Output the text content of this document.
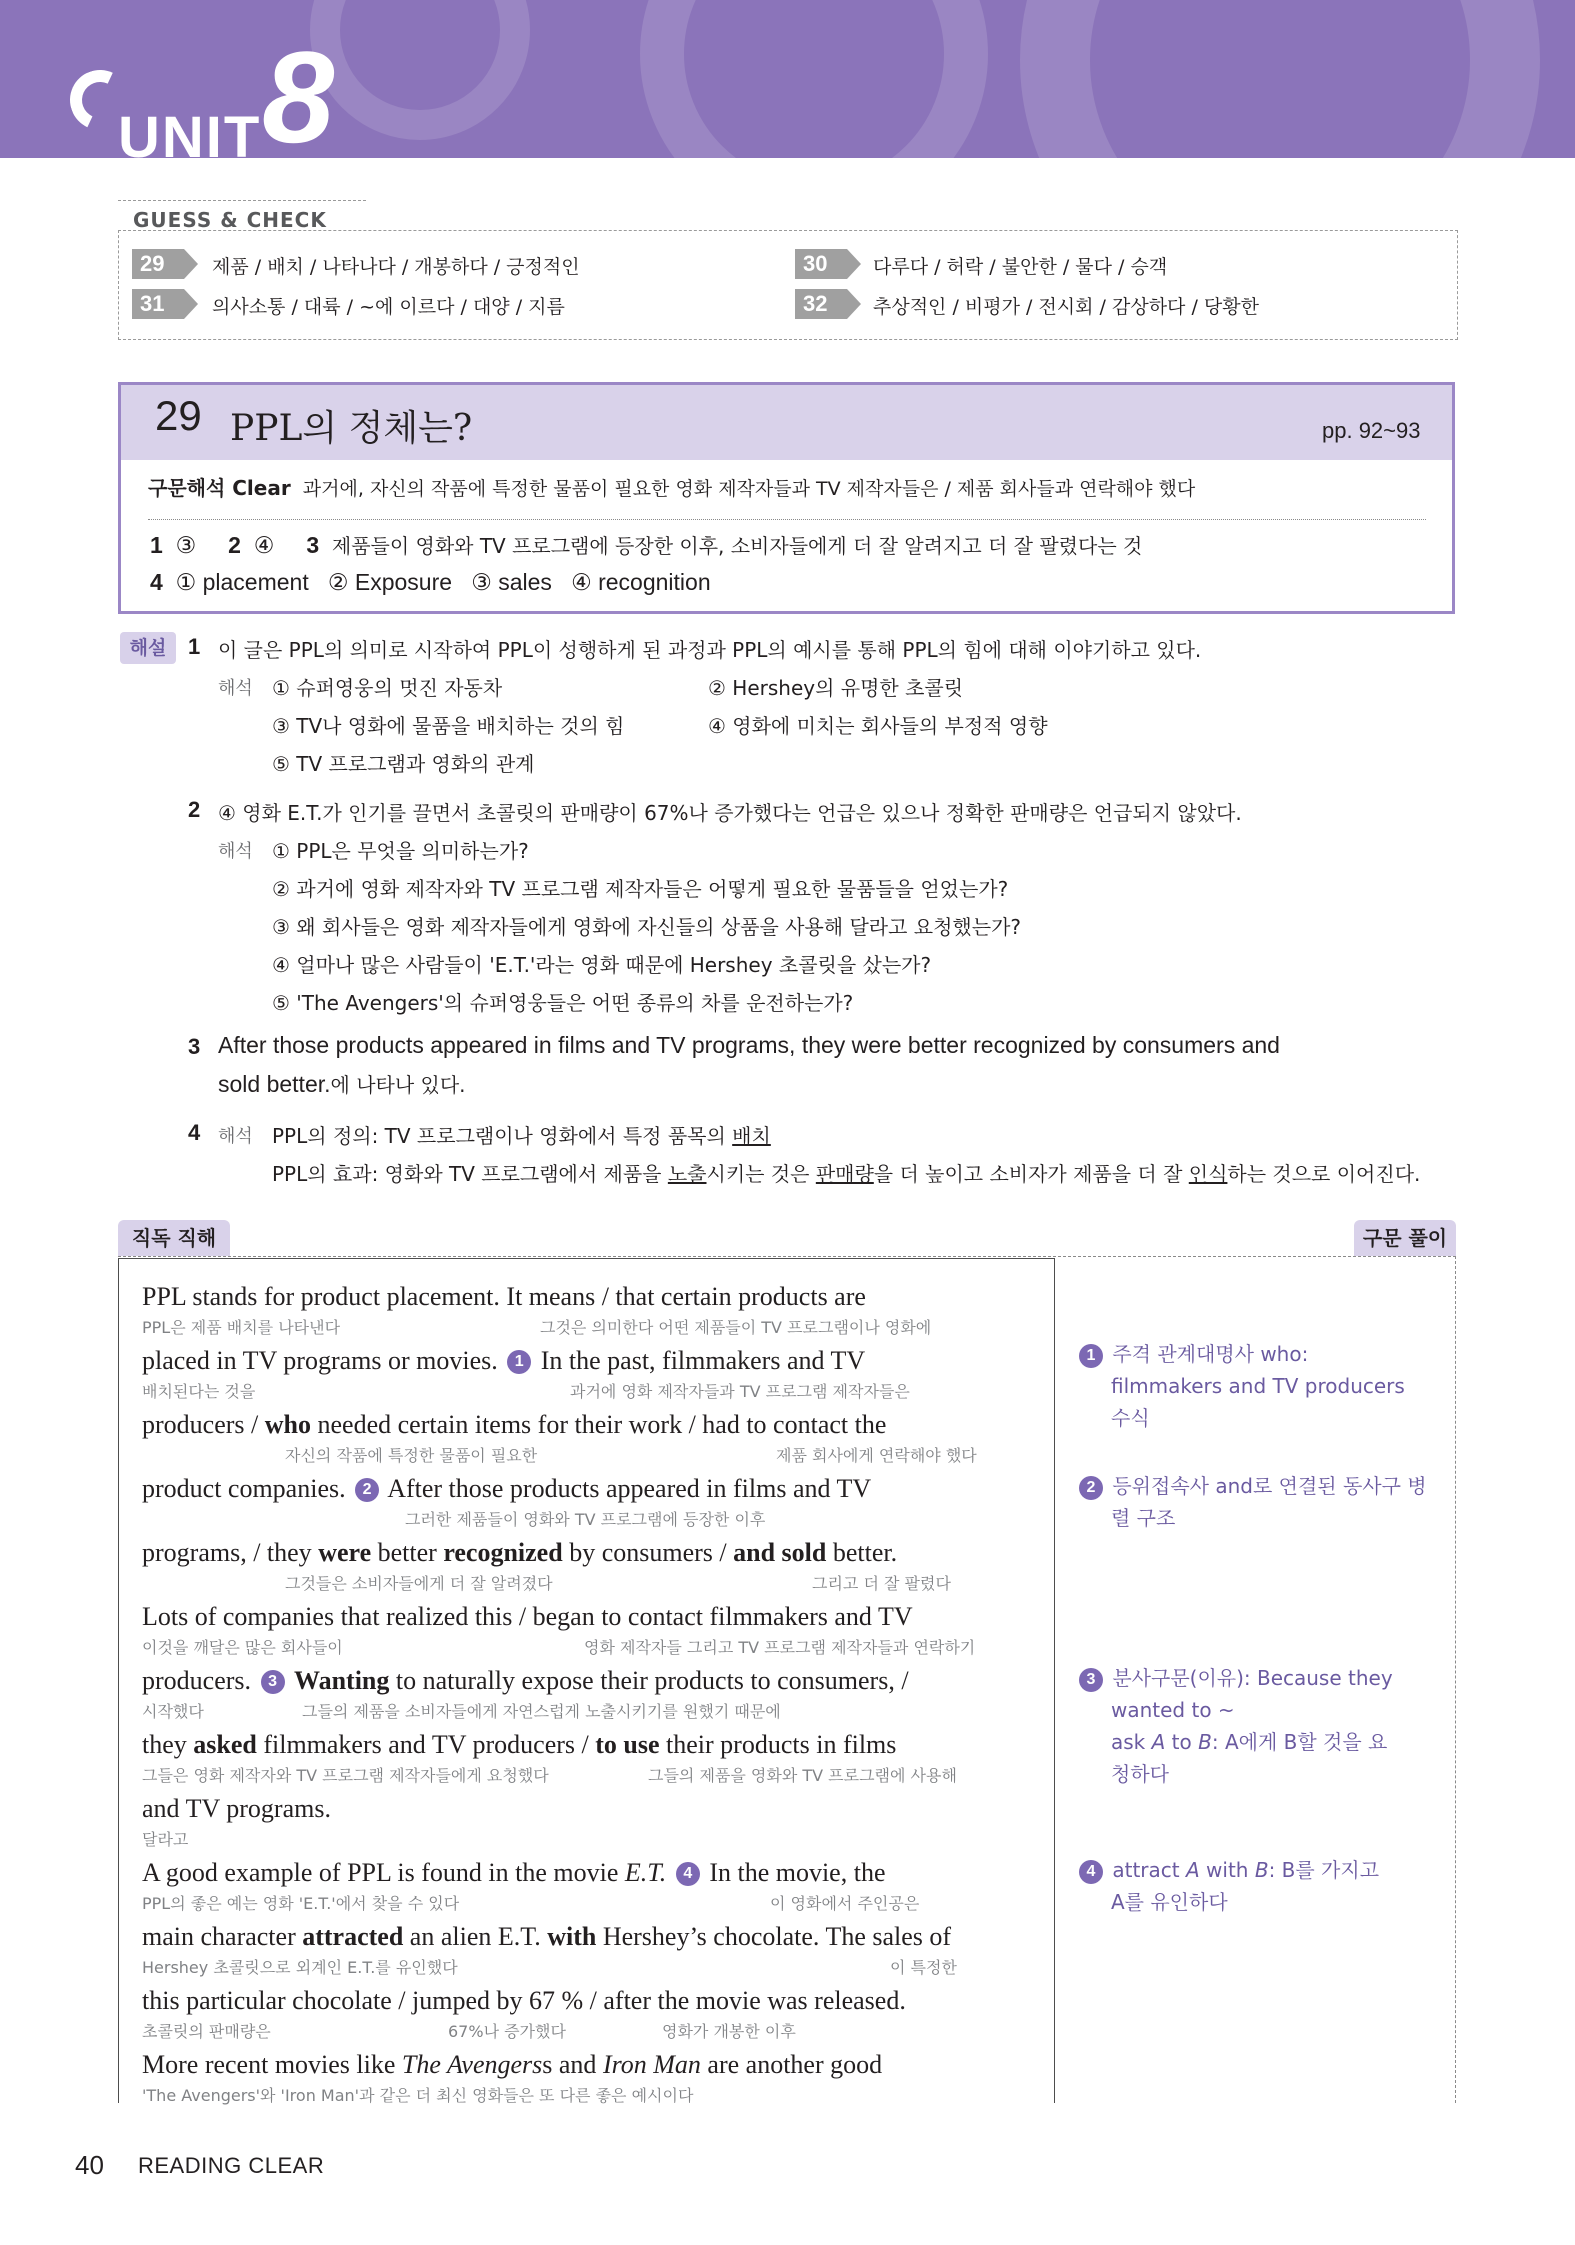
UNIT 8
GUESS & CHECK
29	제품 / 배치 / 나타나다 / 개봉하다 / 긍정적인	30	다루다 / 허락 / 불안한 / 물다 / 승객
31	의사소통 / 대륙 / ~에 이르다 / 대양 / 지름	32	추상적인 / 비평가 / 전시회 / 감상하다 / 당황한
29 PPL의 정체는?	pp. 92~93
구문해석 Clear 과거에, 자신의 작품에 특정한 물품이 필요한 영화 제작자들과 TV 제작자들은 / 제품 회사들과 연락해야 했다
1 ③ 2 ④ 3 제품들이 영화와 TV 프로그램에 등장한 이후, 소비자들에게 더 잘 알려지고 더 잘 팔렸다는 것
4 ① placement   ② Exposure   ③ sales   ④ recognition
해설 1 이 글은 PPL의 의미로 시작하여 PPL이 성행하게 된 과정과 PPL의 예시를 통해 PPL의 힘에 대해 이야기하고 있다.
해석 ① 슈퍼영웅의 멋진 자동차	② Hershey의 유명한 초콜릿
③ TV나 영화에 물품을 배치하는 것의 힘	④ 영화에 미치는 회사들의 부정적 영향
⑤ TV 프로그램과 영화의 관계
2 ④ 영화 E.T.가 인기를 끌면서 초콜릿의 판매량이 67%나 증가했다는 언급은 있으나 정확한 판매량은 언급되지 않았다.
해석 ① PPL은 무엇을 의미하는가?
② 과거에 영화 제작자와 TV 프로그램 제작자들은 어떻게 필요한 물품들을 얻었는가?
③ 왜 회사들은 영화 제작자들에게 영화에 자신들의 상품을 사용해 달라고 요청했는가?
④ 얼마나 많은 사람들이 'E.T.'라는 영화 때문에 Hershey 초콜릿을 샀는가?
⑤ 'The Avengers'의 슈퍼영웅들은 어떤 종류의 차를 운전하는가?
3 After those products appeared in films and TV programs, they were better recognized by consumers and
sold better.에 나타나 있다.
4 해석 PPL의 정의: TV 프로그램이나 영화에서 특정 품목의 배치
PPL의 효과: 영화와 TV 프로그램에서 제품을 노출시키는 것은 판매량을 더 높이고 소비자가 제품을 더 잘 인식하는 것으로 이어진다.
직독 직해	구문 풀이
PPL stands for product placement. It means / that certain products are
PPL은 제품 배치를 나타낸다	그것은 의미한다 어떤 제품들이 TV 프로그램이나 영화에
placed in TV programs or movies. 1 In the past, filmmakers and TV
배치된다는 것을	과거에 영화 제작자들과 TV 프로그램 제작자들은
producers / who needed certain items for their work / had to contact the
자신의 작품에 특정한 물품이 필요한	제품 회사에게 연락해야 했다
product companies. 2 After those products appeared in films and TV
그러한 제품들이 영화와 TV 프로그램에 등장한 이후
programs, / they were better recognized by consumers / and sold better.
그것들은 소비자들에게 더 잘 알려졌다	그리고 더 잘 팔렸다
Lots of companies that realized this / began to contact filmmakers and TV
이것을 깨달은 많은 회사들이	영화 제작자들 그리고 TV 프로그램 제작자들과 연락하기
producers. 3 Wanting to naturally expose their products to consumers, /
시작했다	그들의 제품을 소비자들에게 자연스럽게 노출시키기를 원했기 때문에
they asked filmmakers and TV producers / to use their products in films
그들은 영화 제작자와 TV 프로그램 제작자들에게 요청했다	그들의 제품을 영화와 TV 프로그램에 사용해
and TV programs.
달라고
A good example of PPL is found in the movie E.T. 4 In the movie, the
PPL의 좋은 예는 영화 'E.T.'에서 찾을 수 있다	이 영화에서 주인공은
main character attracted an alien E.T. with Hershey’s chocolate. The sales of
Hershey 초콜릿으로 외계인 E.T.를 유인했다	이 특정한
this particular chocolate / jumped by 67 % / after the movie was released.
초콜릿의 판매량은	67%나 증가했다	영화가 개봉한 이후
More recent movies like The Avengerss and Iron Man are another good
'The Avengers'와 'Iron Man'과 같은 더 최신 영화들은 또 다른 좋은 예시이다
1 주격 관계대명사 who:
filmmakers and TV producers
수식
2 등위접속사 and로 연결된 동사구 병
렬 구조
3 분사구문(이유): Because they
wanted to ~
ask A to B: A에게 B할 것을 요
청하다
4 attract A with B: B를 가지고
A를 유인하다
40 READING CLEAR
